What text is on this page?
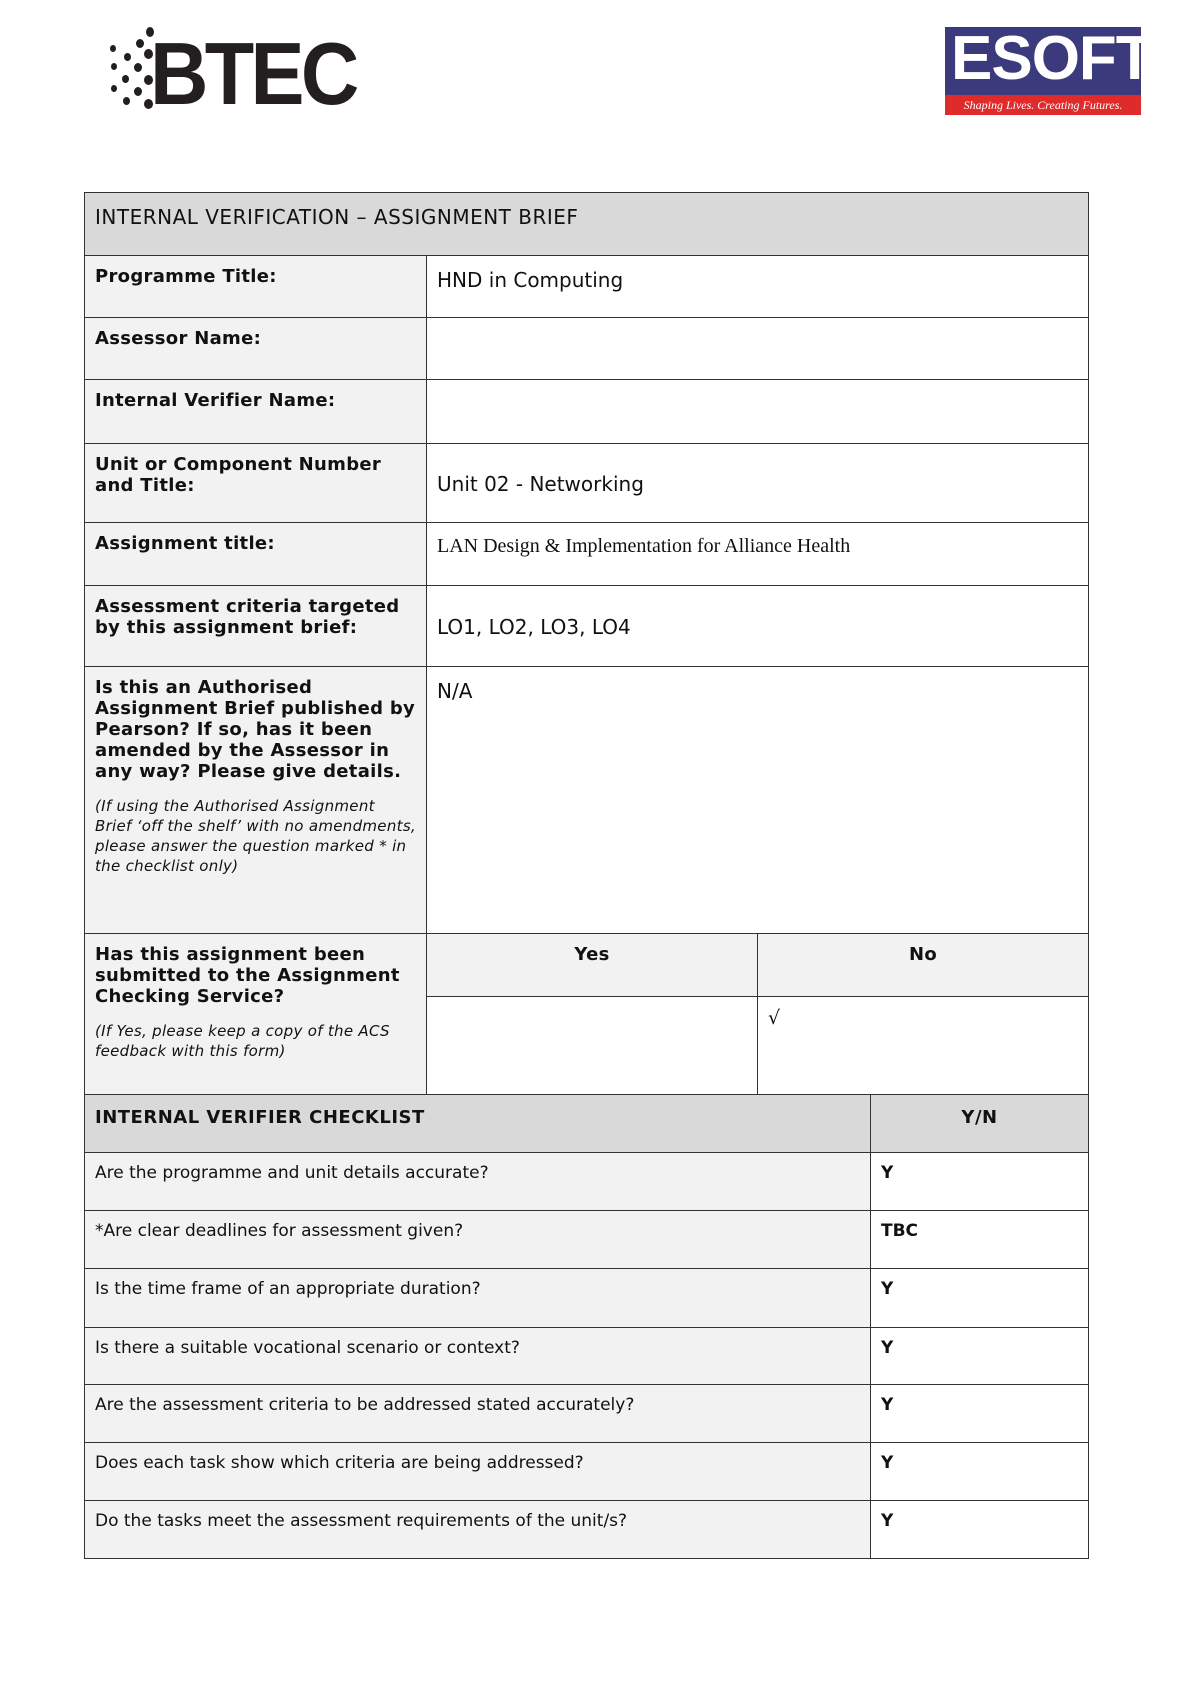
BTEC	ESOFT
Shaping Lives. Creating Futures.
INTERNAL VERIFICATION – ASSIGNMENT BRIEF			
Programme Title:	HND in Computing		
Assessor Name:			
Internal Verifier Name:			
Unit or Component Number and Title:	Unit 02 - Networking		
Assignment title:	LAN Design & Implementation for Alliance Health		
Assessment criteria targeted by this assignment brief:	LO1, LO2, LO3, LO4		

Is this an Authorised Assignment Brief published by Pearson? If so, has it been amended by the Assessor in any way? Please give details.
(If using the Authorised Assignment Brief ‘off the shelf’ with no amendments, please answer the question marked * in the checklist only)	N/A		

Has this assignment been submitted to the Assignment Checking Service?
(If Yes, please keep a copy of the ACS feedback with this form)	Yes	No	
		√	
INTERNAL VERIFIER CHECKLIST			Y/N
Are the programme and unit details accurate?			Y
*Are clear deadlines for assessment given?			TBC
Is the time frame of an appropriate duration?			Y
Is there a suitable vocational scenario or context?			Y
Are the assessment criteria to be addressed stated accurately?			Y
Does each task show which criteria are being addressed?			Y
Do the tasks meet the assessment requirements of the unit/s?			Y
